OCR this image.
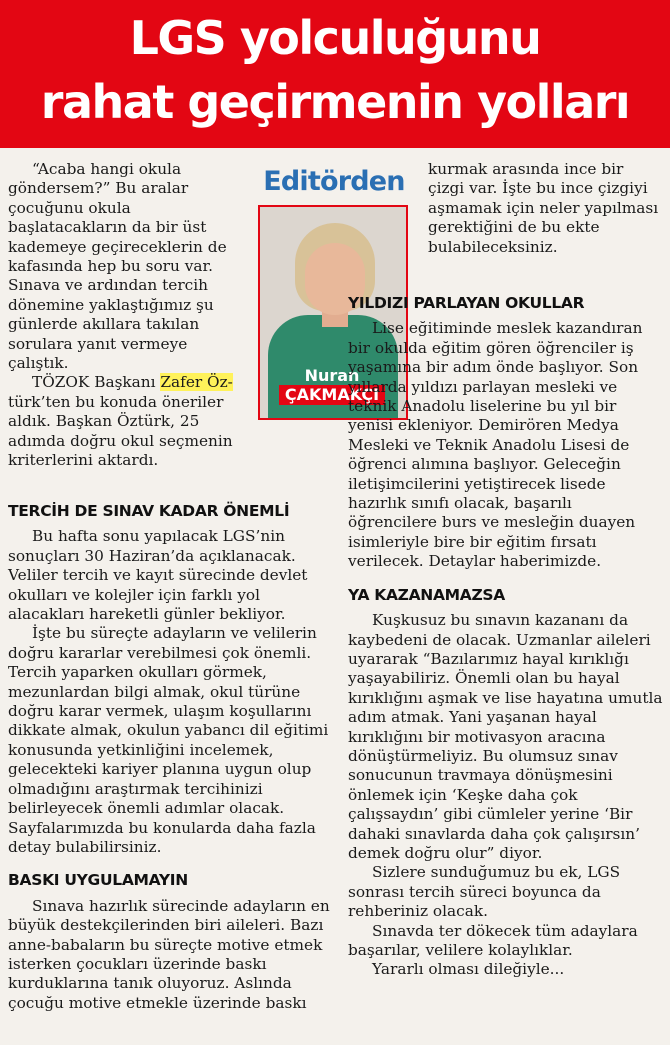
LGS yolculuğunu
rahat geçirmenin yolları

“Acaba hangi okula göndersem?” Bu aralar çocuğunu okula başlatacakların da bir üst kademeye geçireceklerin de kafasında hep bu soru var. Sınava ve ardından tercih dönemine yaklaştığımız şu günlerde akıllara takılan sorulara yanıt vermeye çalıştık.

TÖZOK Başkanı Zafer Öz-türk’ten bu konuda öneriler aldık. Başkan Öztürk, 25 adımda doğru okul seçmenin kriterlerini aktardı.

Editörden
Nuran
ÇAKMAKÇI

kurmak arasında ince bir çizgi var. İşte bu ince çizgiyi aşmamak için neler yapılması gerektiğini de bu ekte bulabileceksiniz.

YILDIZI PARLAYAN OKULLAR

Lise eğitiminde meslek kazandıran bir okulda eğitim gören öğrenciler iş yaşamına bir adım önde başlıyor. Son yıllarda yıldızı parlayan mesleki ve teknik Anadolu liselerine bu yıl bir yenisi ekleniyor. Demirören Medya Mesleki ve Teknik Anadolu Lisesi de öğrenci alımına başlıyor. Geleceğin iletişimcilerini yetiştirecek lisede hazırlık sınıfı olacak, başarılı öğrencilere burs ve mesleğin duayen isimleriyle bire bir eğitim fırsatı verilecek. Detaylar haberimizde.

YA KAZANAMAZSA

Kuşkusuz bu sınavın kazananı da kaybedeni de olacak. Uzmanlar aileleri uyararak “Bazılarımız hayal kırıklığı yaşayabiliriz. Önemli olan bu hayal kırıklığını aşmak ve lise hayatına umutla adım atmak. Yani yaşanan hayal kırıklığını bir motivasyon aracına dönüştürmeliyiz. Bu olumsuz sınav sonucunun travmaya dönüşmesini önlemek için ‘Keşke daha çok çalışsaydın’ gibi cümleler yerine ‘Bir dahaki sınavlarda daha çok çalışırsın’ demek doğru olur” diyor.

Sizlere sunduğumuz bu ek, LGS sonrası tercih süreci boyunca da rehberiniz olacak.

Sınavda ter dökecek tüm adaylara başarılar, velilere kolaylıklar.

Yararlı olması dileğiyle...

TERCİH DE SINAV KADAR ÖNEMLİ

Bu hafta sonu yapılacak LGS’nin sonuçları 30 Haziran’da açıklanacak. Veliler tercih ve kayıt sürecinde devlet okulları ve kolejler için farklı yol alacakları hareketli günler bekliyor.

İşte bu süreçte adayların ve velilerin doğru kararlar verebilmesi çok önemli. Tercih yaparken okulları görmek, mezunlardan bilgi almak, okul türüne doğru karar vermek, ulaşım koşullarını dikkate almak, okulun yabancı dil eğitimi konusunda yetkinliğini incelemek, gelecekteki kariyer planına uygun olup olmadığını araştırmak tercihinizi belirleyecek önemli adımlar olacak. Sayfalarımızda bu konularda daha fazla detay bulabilirsiniz.

BASKI UYGULAMAYIN

Sınava hazırlık sürecinde adayların en büyük destekçilerinden biri aileleri. Bazı anne-babaların bu süreçte motive etmek isterken çocukları üzerinde baskı kurduklarına tanık oluyoruz. Aslında çocuğu motive etmekle üzerinde baskı
